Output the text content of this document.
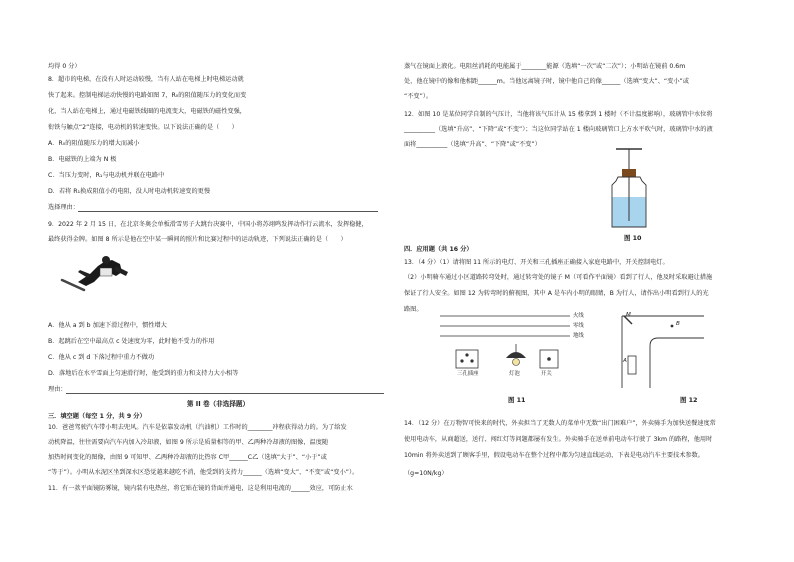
均得 0 分）
8．超市的电梯，在没有人时运动较慢，当有人站在电梯上时电梯运动就
快了起来。控制电梯运动快慢的电路如图 7，R₀的阻值随压力的变化而变
化，当人站在电梯上，通过电磁铁线圈的电流变大，电磁铁的磁性变强，
衔铁与触点“2”连接，电动机的转速变快。以下说法正确的是（　　）
A．R₀的阻值随压力的增大而减小
B．电磁铁的上端为 N 极
C．当压力变时，R₁与电动机并联在电路中
D．若将 R₁换成阻值小的电阻，没人时电动机转速变的更慢
选择理由：
9．2022 年 2 月 15 日，在北京冬奥会单板滑雪男子大跳台决赛中，中国小将苏翊鸣发挥动作行云流水，发挥稳健，
最终获得金牌。如图 8 所示是他在空中某一瞬间的照片和比赛过程中的运动轨迹，下列说法正确的是（　　）
A．他从 a 到 b 加速下滑过程中，惯性增大
B．起跳后在空中最高点 c 处速度为零，此时他不受力的作用
C．他从 c 到 d 下落过程中重力不做功
D．落地后在水平雪面上匀速滑行时，他受到的重力和支持力大小相等
理由：
第 II 卷（非选择题）
三．填空题（每空 1 分，共 9 分）
10．爸爸驾驶汽车带小明去兜风。汽车是依靠发动机（汽油机）工作时的________冲程获得动力的。为了给发
动机降温，往往需要向汽车内加入冷却液，如图 9 所示是质量相等的甲、乙两种冷却液的图像，温度随
加热时间变化的图像，由图 9 可知甲、乙两种冷却液的比热容 C甲______C乙（选填“大于”、“小于”或
“等于”）。小明从水泥区坐到深水区恐觉越来越吃不消，他受到的支持力______（选填“变大”、“不变”或“变小”）。
11．有一款平面镜防雾镜，镜内装有电热丝，将它贴在镜的背面并通电，这是利用电流的______效应，可防止水
蒸气在镜面上液化。电阻丝消耗的电能属于________能源（选填“一次”或“二次”）；小明站在镜前 0.6m
处，他在镜中的像和他相距______m。当他远离镜子时，镜中他自己的像______（选填“变大”、“变小”或
“不变”）。
12．如图 10 是某位同学自制的气压计，当他将该气压计从 15 楼拿到 1 楼时（不计温度影响），玻璃管中水位将
__________（选填“升高”、“下降”或“不变”）；当这位同学站在 1 楼向玻璃管口上方水平吹气时，玻璃管中水的液
面将__________（选填“升高”、“下降”或“不变”）
图 10
四．应用题（共 16 分）
13．（4 分）（1）请将图 11 所示的电灯、开关和三孔插座正确接入家庭电路中，开关控制电灯。
（2）小明骑车通过小区道路转弯处时，通过转弯处的镜子 M（可看作平面镜）看到了行人，他及时采取避让措施
保证了行人安全。如图 12 为转弯时的俯视图，其中 A 是车内小明的眼睛，B 为行人，请作出小明看到行人的光
路图。
火线
零线
地线
三孔插座	灯泡	开关
图 11
M
B
A
图 12
14．（12 分）在万物智可快来的时代，外卖担当了无数人的菜单中无数“出门困难户”，外卖骑手为加快送餐速度常
使用电动车，从商超送，送行、闯红灯等问题都屡有发生。外卖骑手在送单前电动车行驶了 3km 的路程，他用时
10min 将外卖送到了顾客手里，假设电动车在整个过程中都为匀速直线运动，下表是电动汽车主要技术参数。
（g=10N/kg）
